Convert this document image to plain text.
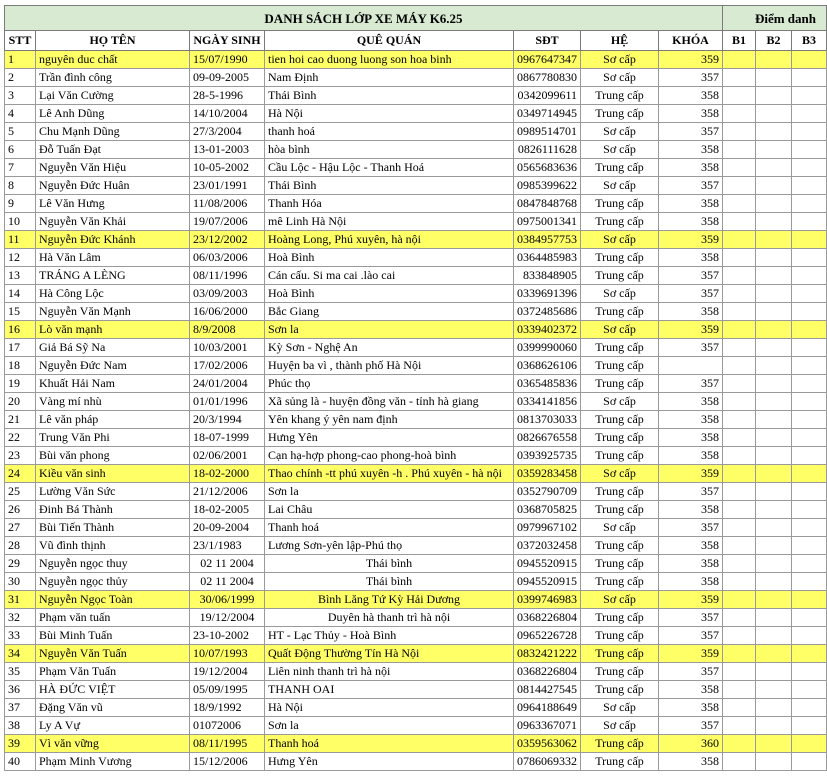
DANH SÁCH LỚP XE MÁY K6.25							Điểm danh		
STT	HỌ TÊN	NGÀY SINH	QUÊ QUÁN	SĐT	HỆ	KHÓA	B1	B2	B3
1	nguyên duc chất	15/07/1990	tien hoi cao duong luong son hoa binh	0967647347	Sơ cấp	359			
2	Trần đình công	09-09-2005	Nam Định	0867780830	Sơ cấp	357			
3	Lại Văn Cường	28-5-1996	Thái Bình	0342099611	Trung cấp	358			
4	Lê Anh Dũng	14/10/2004	Hà Nội	0349714945	Trung cấp	358			
5	Chu Mạnh Dũng	27/3/2004	thanh hoá	0989514701	Sơ cấp	357			
6	Đỗ Tuấn Đạt	13-01-2003	hòa bình	0826111628	Sơ cấp	358			
7	Nguyễn Văn Hiệu	10-05-2002	Cầu Lộc - Hậu Lộc - Thanh Hoá	0565683636	Trung cấp	358			
8	Nguyễn Đức Huân	23/01/1991	Thái Bình	0985399622	Sơ cấp	357			
9	Lê Văn Hưng	11/08/2006	Thanh Hóa	0847848768	Trung cấp	358			
10	Nguyễn Văn Khải	19/07/2006	mê Linh Hà Nội	0975001341	Trung cấp	358			
11	Nguyễn Đức Khánh	23/12/2002	Hoàng Long, Phú xuyên, hà nội	0384957753	Sơ cấp	359			
12	Hà Văn Lâm	06/03/2006	Hoà Bình	0364485983	Trung cấp	358			
13	TRÁNG A LÈNG	08/11/1996	Cán cấu. Si ma cai .lào cai	833848905	Trung cấp	357			
14	Hà Công Lộc	03/09/2003	Hoà Bình	0339691396	Sơ cấp	357			
15	Nguyễn Văn Mạnh	16/06/2000	Bắc Giang	0372485686	Trung cấp	358			
16	Lò văn mạnh	8/9/2008	Sơn la	0339402372	Sơ cấp	359			
17	Giả Bá Sỹ Na	10/03/2001	Kỳ Sơn - Nghệ An	0399990060	Trung cấp	357			
18	Nguyễn Đức Nam	17/02/2006	Huyện ba vì , thành phố Hà Nội	0368626106	Trung cấp				
19	Khuất Hải Nam	24/01/2004	Phúc thọ	0365485836	Trung cấp	357			
20	Vàng mí nhù	01/01/1996	Xã sủng là - huyện đồng văn - tỉnh hà giang	0334141856	Sơ cấp	358			
21	Lê văn pháp	20/3/1994	Yên khang ý yên nam định	0813703033	Trung cấp	358			
22	Trung Văn Phi	18-07-1999	Hưng Yên	0826676558	Trung cấp	358			
23	Bùi văn phong	02/06/2001	Cạn hạ-hợp phong-cao phong-hoà bình	0393925735	Trung cấp	358			
24	Kiều văn sinh	18-02-2000	Thao chính -tt phú xuyên -h . Phú xuyên - hà nội	0359283458	Sơ cấp	359			
25	Lường Văn Sức	21/12/2006	Sơn la	0352790709	Trung cấp	357			
26	Đinh Bá Thành	18-02-2005	Lai Châu	0368705825	Trung cấp	358			
27	Bùi Tiến Thành	20-09-2004	Thanh hoá	0979967102	Sơ cấp	357			
28	Vũ đình thịnh	23/1/1983	Lương Sơn-yên lập-Phú thọ	0372032458	Trung cấp	358			
29	Nguyễn ngọc thuy	02 11 2004	Thái bình	0945520915	Trung cấp	358			
30	Nguyễn ngọc thủy	02 11 2004	Thái bình	0945520915	Trung cấp	358			
31	Nguyễn Ngọc Toàn	30/06/1999	Bình Lăng Tứ Kỳ Hải Dương	0399746983	Sơ cấp	359			
32	Phạm văn tuấn	19/12/2004	Duyên hà thanh trì hà nội	0368226804	Trung cấp	357			
33	Bùi Minh Tuấn	23-10-2002	HT - Lạc Thủy - Hoà Bình	0965226728	Trung cấp	357			
34	Nguyễn Văn Tuấn	10/07/1993	Quất Động Thường Tín Hà Nội	0832421222	Trung cấp	359			
35	Phạm Văn Tuấn	19/12/2004	Liên ninh thanh trì hà nội	0368226804	Trung cấp	357			
36	HÀ ĐỨC VIỆT	05/09/1995	THANH OAI	0814427545	Trung cấp	358			
37	Đặng Văn vũ	18/9/1992	Hà Nội	0964188649	Sơ cấp	358			
38	Ly A Vự	01072006	Sơn la	0963367071	Sơ cấp	357			
39	Vì văn vững	08/11/1995	Thanh hoá	0359563062	Trung cấp	360			
40	Phạm Minh Vương	15/12/2006	Hưng Yên	0786069332	Trung cấp	358			
